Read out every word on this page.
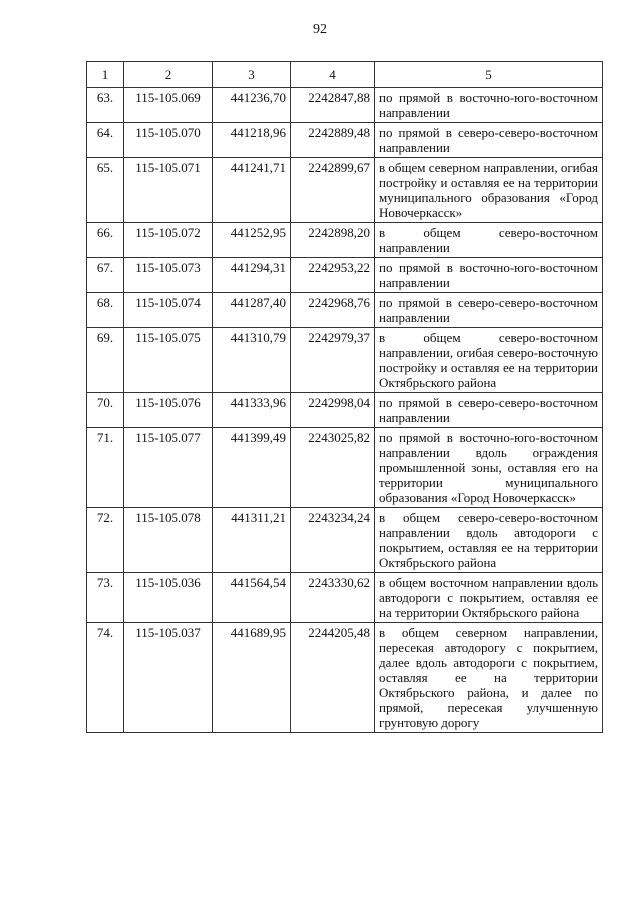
92
1	2	3	4	5
63.	115-105.069	441236,70	2242847,88	по прямой в восточно-юго-восточном направлении
64.	115-105.070	441218,96	2242889,48	по прямой в северо-северо-восточном направлении
65.	115-105.071	441241,71	2242899,67	в общем северном направлении, огибая постройку и оставляя ее на территории муниципального образования «Город Новочеркасск»
66.	115-105.072	441252,95	2242898,20	в общем северо-восточном направлении
67.	115-105.073	441294,31	2242953,22	по прямой в восточно-юго-восточном направлении
68.	115-105.074	441287,40	2242968,76	по прямой в северо-северо-восточном направлении
69.	115-105.075	441310,79	2242979,37	в общем северо-восточном направлении, огибая северо-восточную постройку и оставляя ее на территории Октябрьского района
70.	115-105.076	441333,96	2242998,04	по прямой в северо-северо-восточном направлении
71.	115-105.077	441399,49	2243025,82	по прямой в восточно-юго-восточном направлении вдоль ограждения промышленной зоны, оставляя его на территории муниципального образования «Город Новочеркасск»
72.	115-105.078	441311,21	2243234,24	в общем северо-северо-восточном направлении вдоль автодороги с покрытием, оставляя ее на территории Октябрьского района
73.	115-105.036	441564,54	2243330,62	в общем восточном направлении вдоль автодороги с покрытием, оставляя ее на территории Октябрьского района
74.	115-105.037	441689,95	2244205,48	в общем северном направлении, пересекая автодорогу с покрытием, далее вдоль автодороги с покрытием, оставляя ее на территории Октябрьского района, и далее по прямой, пересекая улучшенную грунтовую дорогу
